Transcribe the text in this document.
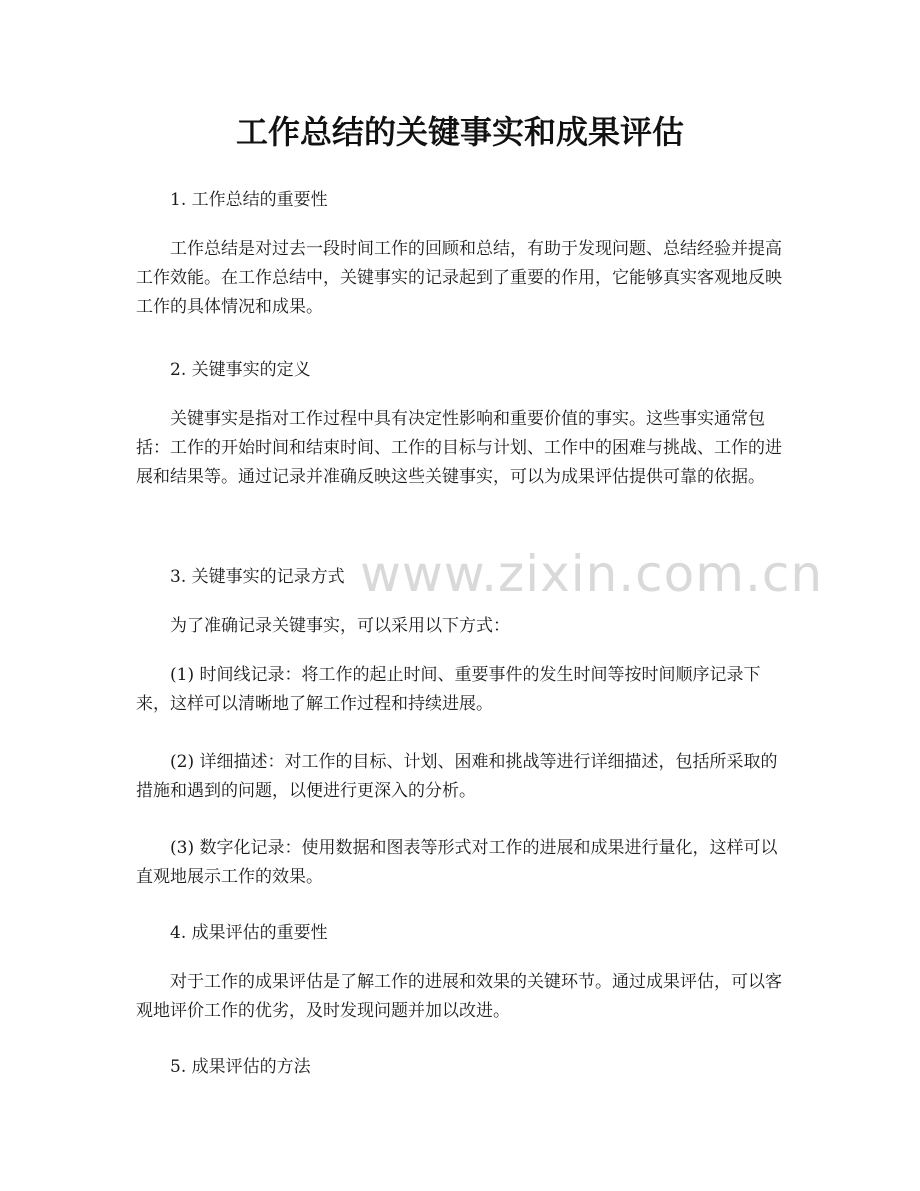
工作总结的关键事实和成果评估

1. 工作总结的重要性

工作总结是对过去一段时间工作的回顾和总结，有助于发现问题、总结经验并提高工作效能。在工作总结中，关键事实的记录起到了重要的作用，它能够真实客观地反映工作的具体情况和成果。

2. 关键事实的定义

关键事实是指对工作过程中具有决定性影响和重要价值的事实。这些事实通常包括：工作的开始时间和结束时间、工作的目标与计划、工作中的困难与挑战、工作的进展和结果等。通过记录并准确反映这些关键事实，可以为成果评估提供可靠的依据。

3. 关键事实的记录方式

为了准确记录关键事实，可以采用以下方式：

(1) 时间线记录：将工作的起止时间、重要事件的发生时间等按时间顺序记录下来，这样可以清晰地了解工作过程和持续进展。

(2) 详细描述：对工作的目标、计划、困难和挑战等进行详细描述，包括所采取的措施和遇到的问题，以便进行更深入的分析。

(3) 数字化记录：使用数据和图表等形式对工作的进展和成果进行量化，这样可以直观地展示工作的效果。

4. 成果评估的重要性

对于工作的成果评估是了解工作的进展和效果的关键环节。通过成果评估，可以客观地评价工作的优劣，及时发现问题并加以改进。

5. 成果评估的方法

www.zixin.com.cn
